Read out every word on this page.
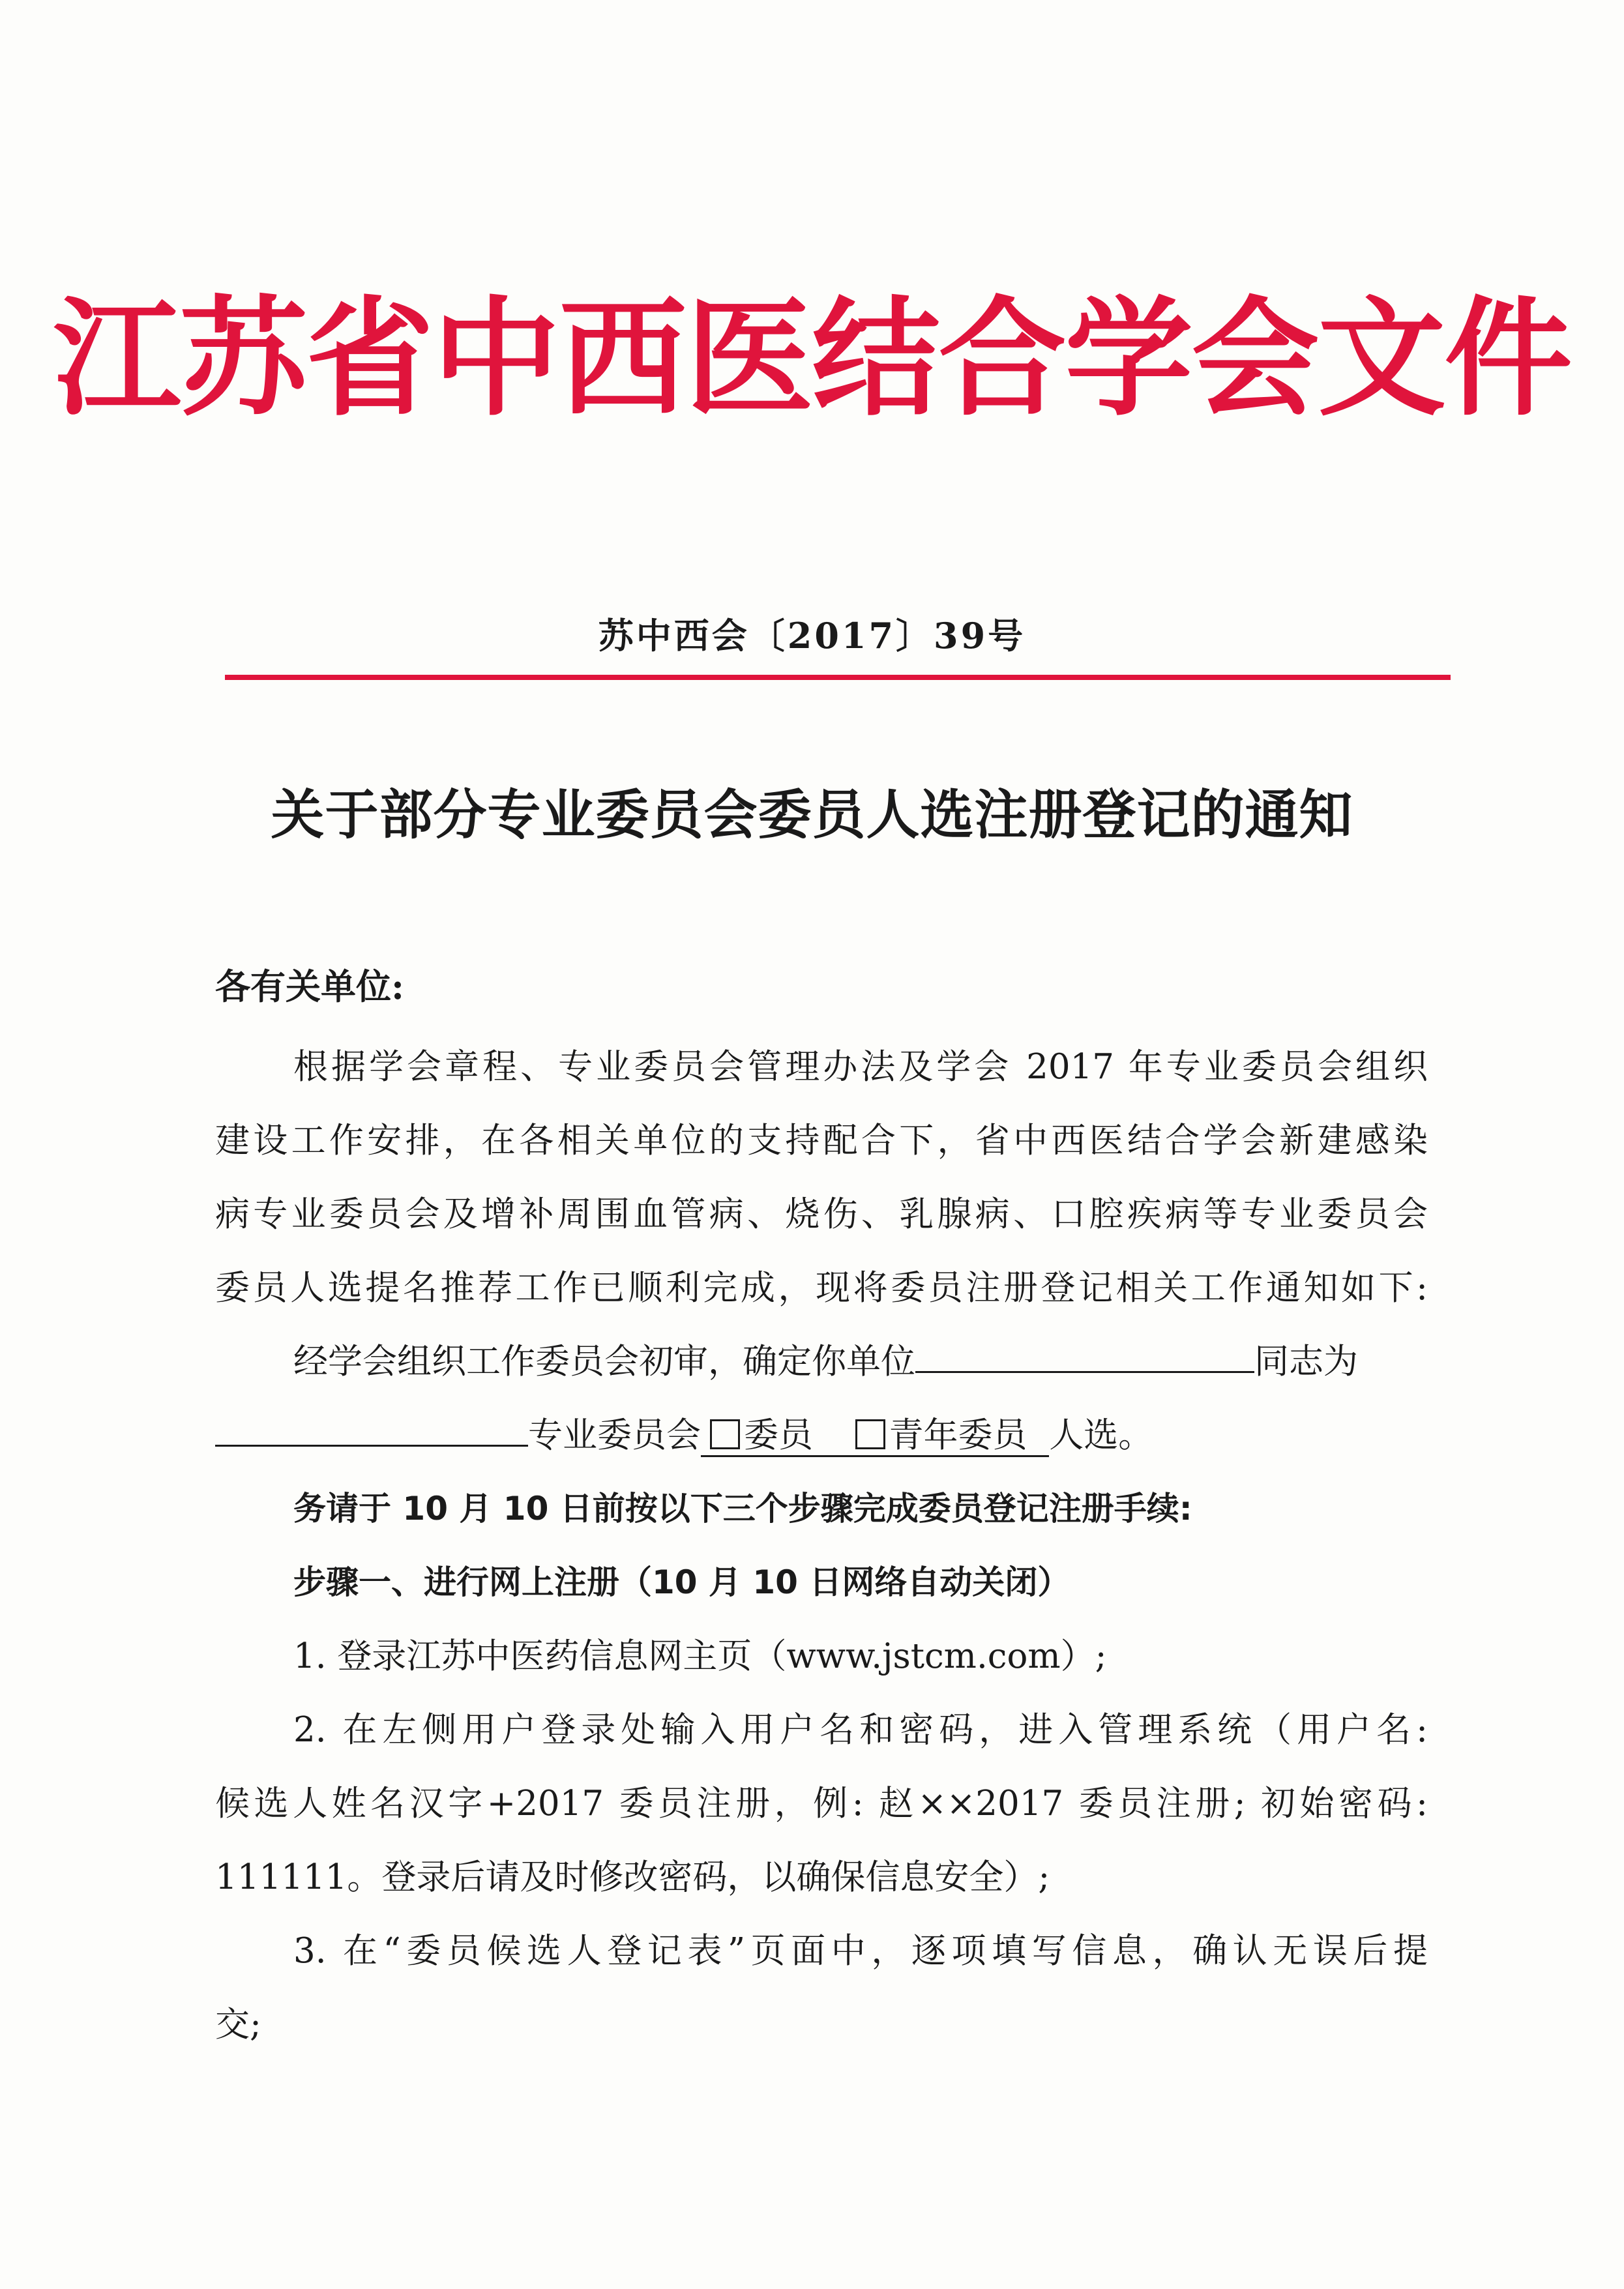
江苏省中西医结合学会文件
苏中西会〔2017〕39号
关于部分专业委员会委员人选注册登记的通知
各有关单位:
根据学会章程、专业委员会管理办法及学会 2017 年专业委员会组织
建设工作安排，在各相关单位的支持配合下，省中西医结合学会新建感染
病专业委员会及增补周围血管病、烧伤、乳腺病、口腔疾病等专业委员会
委员人选提名推荐工作已顺利完成，现将委员注册登记相关工作通知如下:
经学会组织工作委员会初审，确定你单位	同志为
专业委员会 委员 青年委员 人选。
务请于 10 月 10 日前按以下三个步骤完成委员登记注册手续:
步骤一、进行网上注册（10 月 10 日网络自动关闭）
1. 登录江苏中医药信息网主页（www.jstcm.com）;
2. 在左侧用户登录处输入用户名和密码，进入管理系统（用户名:
候选人姓名汉字+2017 委员注册，例: 赵××2017 委员注册; 初始密码:
111111。登录后请及时修改密码，以确保信息安全）;
3. 在“委员候选人登记表”页面中，逐项填写信息，确认无误后提
交;
